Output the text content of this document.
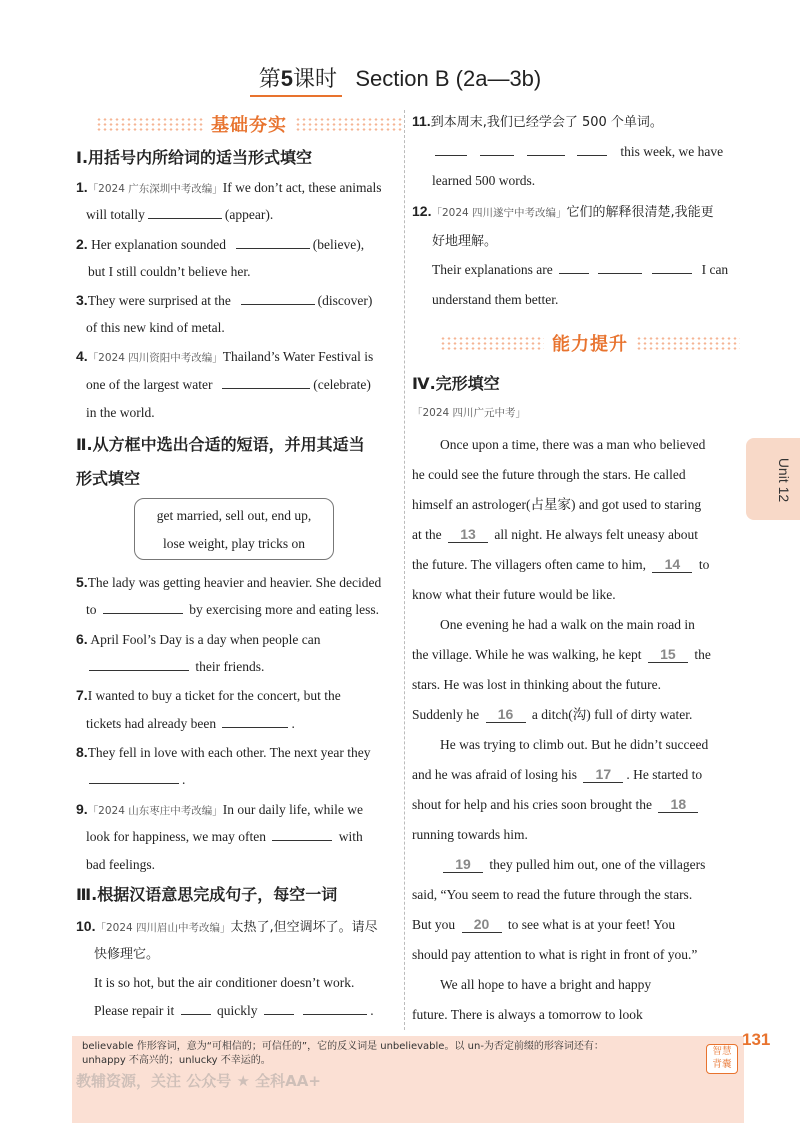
第5课时 Section B (2a—3b)
基础夯实
Ⅰ.用括号内所给词的适当形式填空
1.「2024 广东深圳中考改编」If we don’t act, these animals
will totally	(appear).
2. Her explanation sounded	(believe),
but I still couldn’t believe her.
3.They were surprised at the	(discover)
of this new kind of metal.
4.「2024 四川资阳中考改编」Thailand’s Water Festival is
one of the largest water	(celebrate)
in the world.
Ⅱ.从方框中选出合适的短语，并用其适当
形式填空
get married, sell out, end up,
lose weight, play tricks on
5.The lady was getting heavier and heavier. She decided
to	by exercising more and eating less.
6. April Fool’s Day is a day when people can
their friends.
7.I wanted to buy a ticket for the concert, but the
tickets had already been	.
8.They fell in love with each other. The next year they
.
9.「2024 山东枣庄中考改编」In our daily life, while we
look for happiness, we may often	with
bad feelings.
Ⅲ.根据汉语意思完成句子，每空一词
10.「2024 四川眉山中考改编」太热了,但空调坏了。请尽
快修理它。
It is so hot, but the air conditioner doesn’t work.
Please repair it	quickly	.
11.到本周末,我们已经学会了 500 个单词。
this week, we have
learned 500 words.
12.「2024 四川遂宁中考改编」它们的解释很清楚,我能更
好地理解。
Their explanations are	I can
understand them better.
能力提升
Ⅳ.完形填空
「2024 四川广元中考」
Once upon a time, there was a man who believed
he could see the future through the stars. He called
himself an astrologer(占星家) and got used to staring
at the 13 all night. He always felt uneasy about
the future. The villagers often came to him, 14 to
know what their future would be like.
One evening he had a walk on the main road in
the village. While he was walking, he kept 15 the
stars. He was lost in thinking about the future.
Suddenly he 16 a ditch(沟) full of dirty water.
He was trying to climb out. But he didn’t succeed
and he was afraid of losing his 17 . He started to
shout for help and his cries soon brought the 18
running towards him.
19 they pulled him out, one of the villagers
said, “You seem to read the future through the stars.
But you 20 to see what is at your feet! You
should pay attention to what is right in front of you.”
We all hope to have a bright and happy
future. There is always a tomorrow to look
Unit 12
believable 作形容词，意为“可相信的；可信任的”，它的反义词是 unbelievable。以 un-为否定前缀的形容词还有：
unhappy 不高兴的；unlucky 不幸运的。
教辅资源，关注 公众号 ★ 全科AA+
智慧
背囊
131
